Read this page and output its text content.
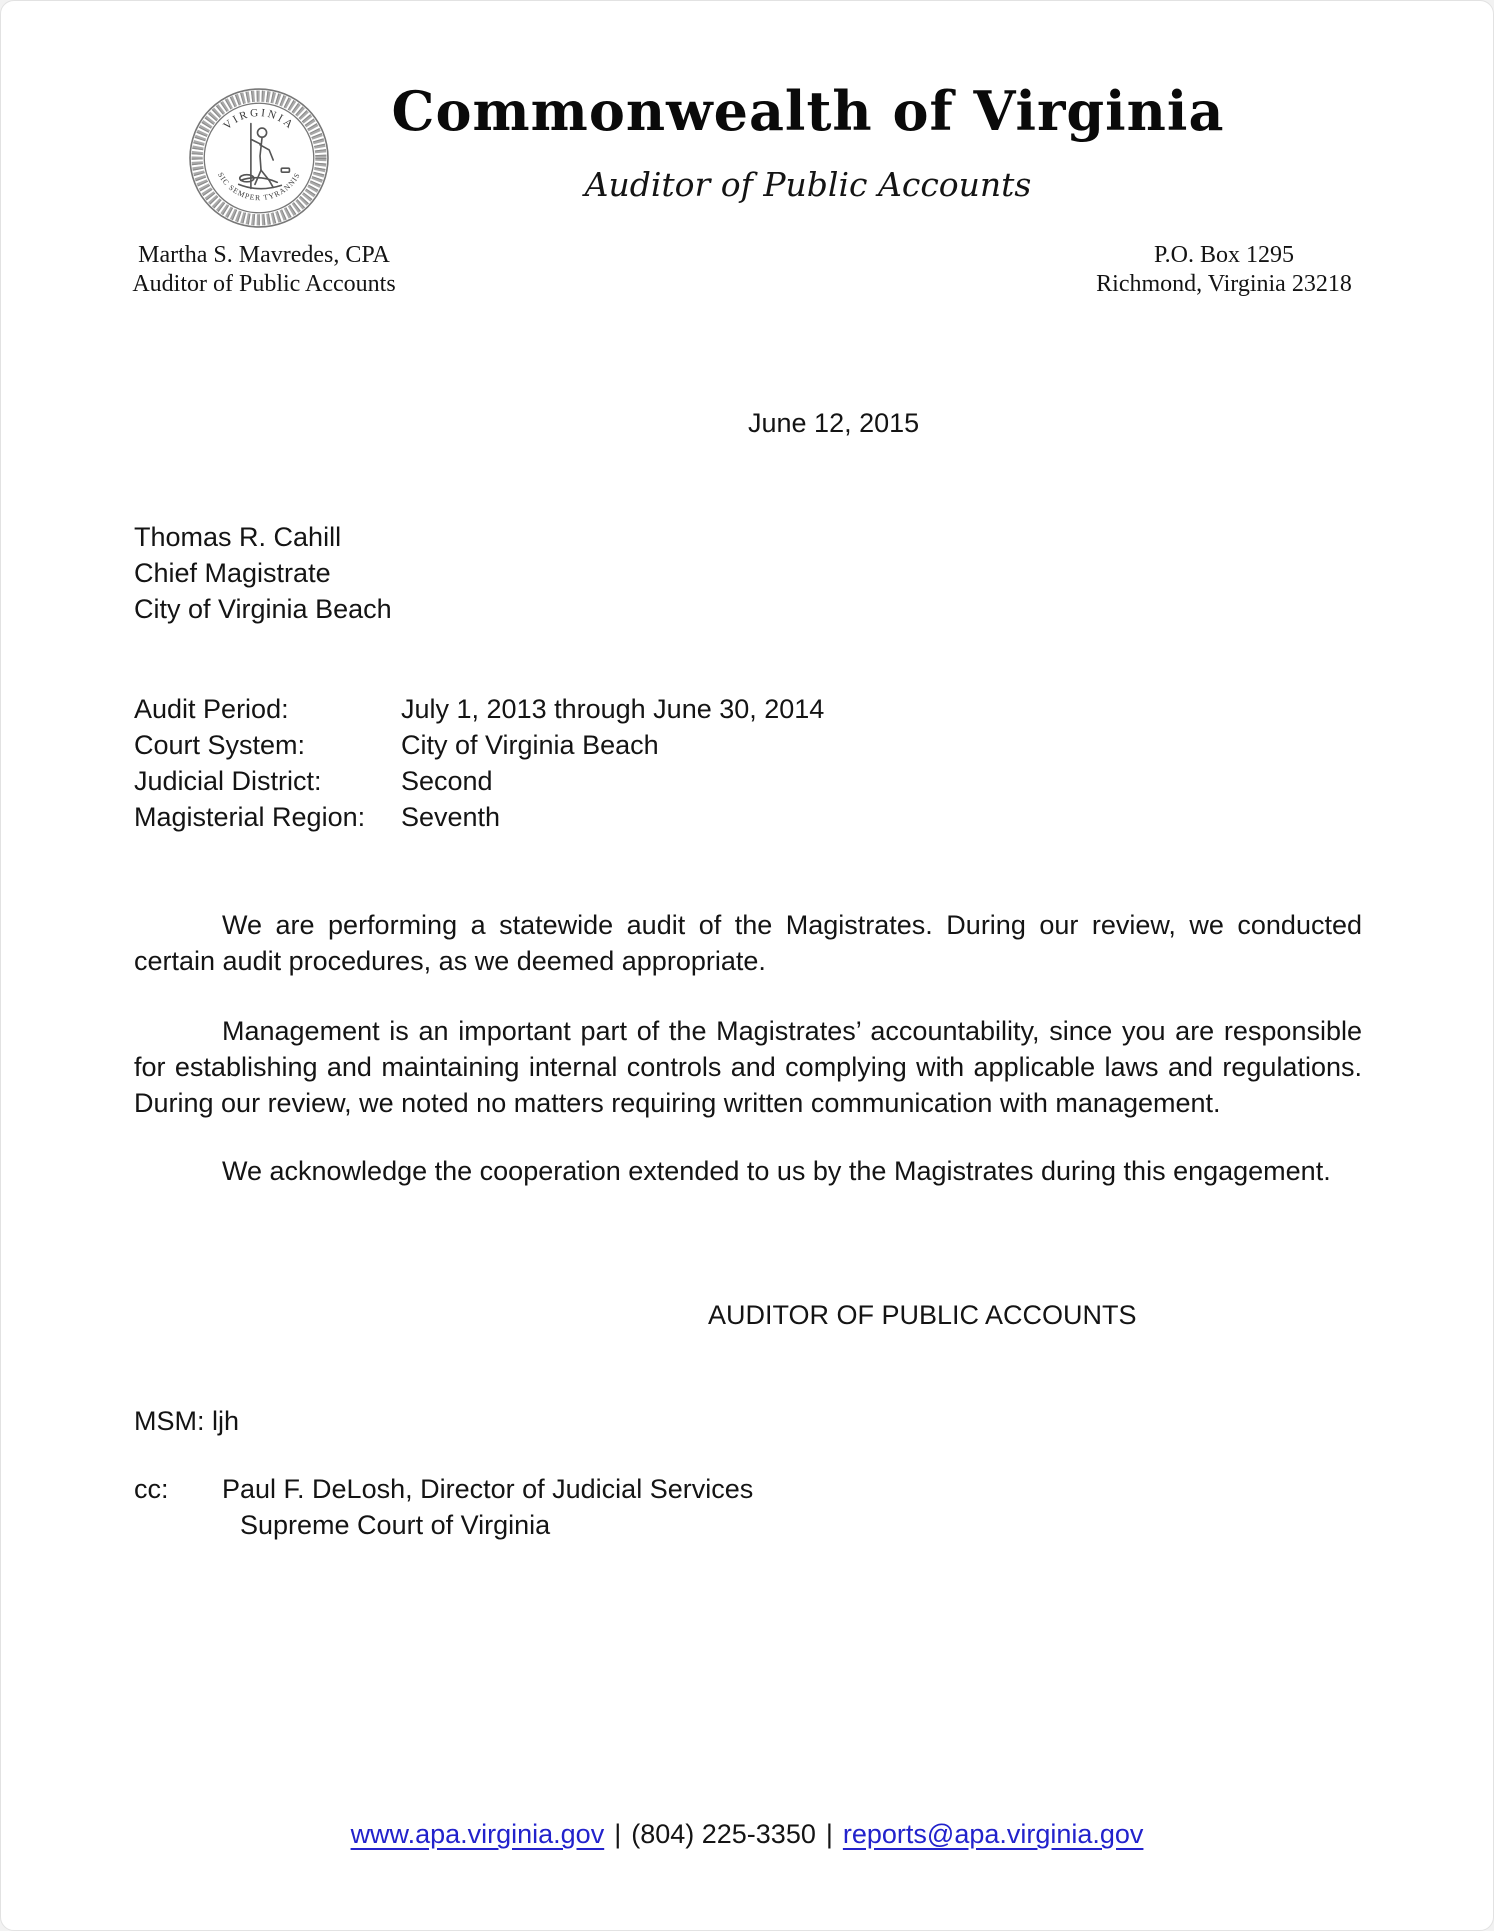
VIRGINIA
SIC SEMPER TYRANNIS
Commonwealth of Virginia
Auditor of Public Accounts
Martha S. Mavredes, CPA
Auditor of Public Accounts
P.O. Box 1295
Richmond, Virginia 23218
June 12, 2015
Thomas R. Cahill
Chief Magistrate
City of Virginia Beach
Audit Period:	July 1, 2013 through June 30, 2014
Court System:	City of Virginia Beach
Judicial District:	Second
Magisterial Region:	Seventh

We are performing a statewide audit of the Magistrates. During our review, we conducted certain audit procedures, as we deemed appropriate.

Management is an important part of the Magistrates’ accountability, since you are responsible for establishing and maintaining internal controls and complying with applicable laws and regulations. During our review, we noted no matters requiring written communication with management.

We acknowledge the cooperation extended to us by the Magistrates during this engagement.

AUDITOR OF PUBLIC ACCOUNTS
MSM: ljh
cc:	Paul F. DeLosh, Director of Judicial Services
Supreme Court of Virginia
www.apa.virginia.gov | (804) 225-3350 | reports@apa.virginia.gov
